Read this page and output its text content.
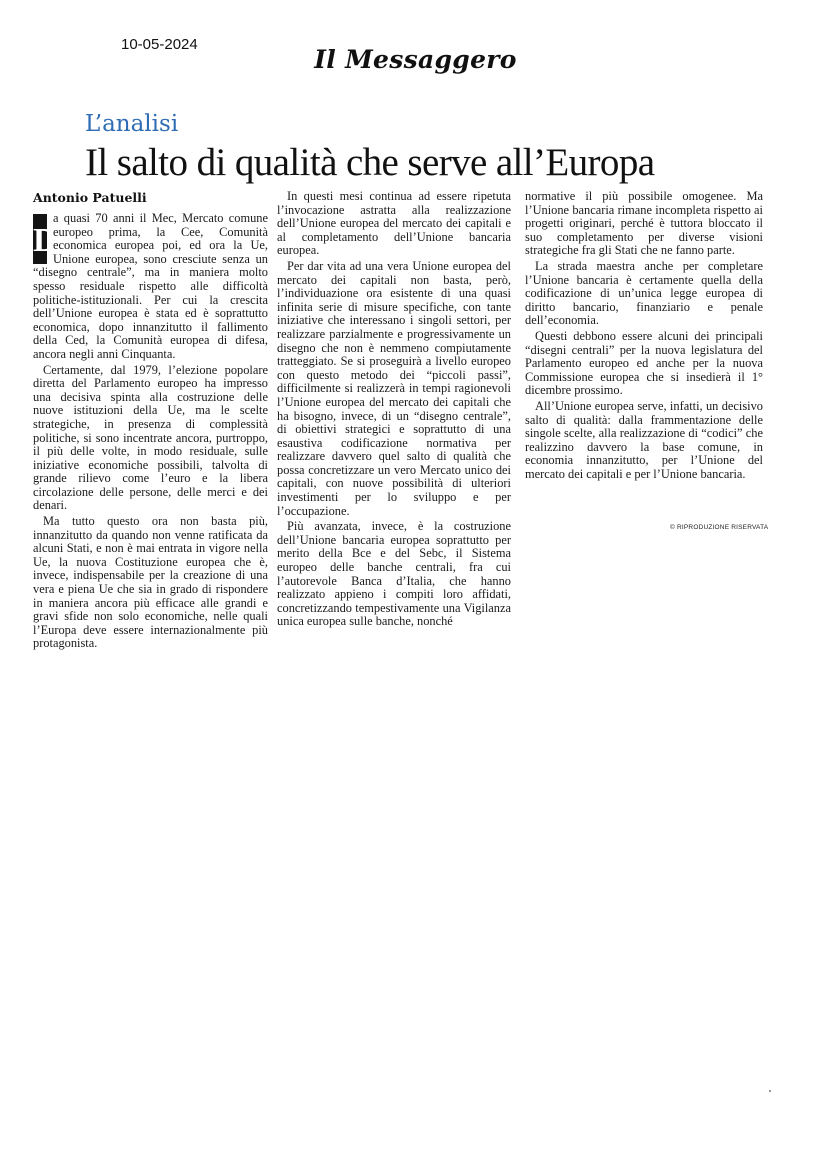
10-05-2024
Il Messaggero
L’analisi
Il salto di qualità che serve all’Europa
Antonio Patuelli

D
a quasi 70 anni il Mec, Mercato comune europeo prima, la Cee, Comunità economica europea poi, ed ora la Ue, Unione europea, sono cresciute senza un “disegno centrale”, ma in maniera molto spesso residuale rispetto alle difficoltà politiche-istituzionali. Per cui la crescita dell’Unione europea è stata ed è soprattutto economica, dopo innanzitutto il fallimento della Ced, la Comunità europea di difesa, ancora negli anni Cinquanta.

Certamente, dal 1979, l’elezione popolare diretta del Parlamento europeo ha impresso una decisiva spinta alla costruzione delle nuove istituzioni della Ue, ma le scelte strategiche, in presenza di complessità politiche, si sono incentrate ancora, purtroppo, il più delle volte, in modo residuale, sulle iniziative economiche possibili, talvolta di grande rilievo come l’euro e la libera circolazione delle persone, delle merci e dei denari.

Ma tutto questo ora non basta più, innanzitutto da quando non venne ratificata da alcuni Stati, e non è mai entrata in vigore nella Ue, la nuova Costituzione europea che è, invece, indispensabile per la creazione di una vera e piena Ue che sia in grado di rispondere in maniera ancora più efficace alle grandi e gravi sfide non solo economiche, nelle quali l’Europa deve essere internazionalmente più protagonista.

In questi mesi continua ad essere ripetuta l’invocazione astratta alla realizzazione dell’Unione europea del mercato dei capitali e al completamento dell’Unione bancaria europea.

Per dar vita ad una vera Unione europea del mercato dei capitali non basta, però, l’individuazione ora esistente di una quasi infinita serie di misure specifiche, con tante iniziative che interessano i singoli settori, per realizzare parzialmente e progressivamente un disegno che non è nemmeno compiutamente tratteggiato. Se si proseguirà a livello europeo con questo metodo dei “piccoli passi”, difficilmente si realizzerà in tempi ragionevoli l’Unione europea del mercato dei capitali che ha bisogno, invece, di un “disegno centrale”, di obiettivi strategici e soprattutto di una esaustiva codificazione normativa per realizzare davvero quel salto di qualità che possa concretizzare un vero Mercato unico dei capitali, con nuove possibilità di ulteriori investimenti per lo sviluppo e per l’occupazione.

Più avanzata, invece, è la costruzione dell’Unione bancaria europea soprattutto per merito della Bce e del Sebc, il Sistema europeo delle banche centrali, fra cui l’autorevole Banca d’Italia, che hanno realizzato appieno i compiti loro affidati, concretizzando tempestivamente una Vigilanza unica europea sulle banche, nonché

normative il più possibile omogenee. Ma l’Unione bancaria rimane incompleta rispetto ai progetti originari, perché è tuttora bloccato il suo completamento per diverse visioni strategiche fra gli Stati che ne fanno parte.

La strada maestra anche per completare l’Unione bancaria è certamente quella della codificazione di un’unica legge europea di diritto bancario, finanziario e penale dell’economia.

Questi debbono essere alcuni dei principali “disegni centrali” per la nuova legislatura del Parlamento europeo ed anche per la nuova Commissione europea che si insedierà il 1° dicembre prossimo.

All’Unione europea serve, infatti, un decisivo salto di qualità: dalla frammentazione delle singole scelte, alla realizzazione di “codici” che realizzino davvero la base comune, in economia innanzitutto, per l’Unione del mercato dei capitali e per l’Unione bancaria.

© RIPRODUZIONE RISERVATA
